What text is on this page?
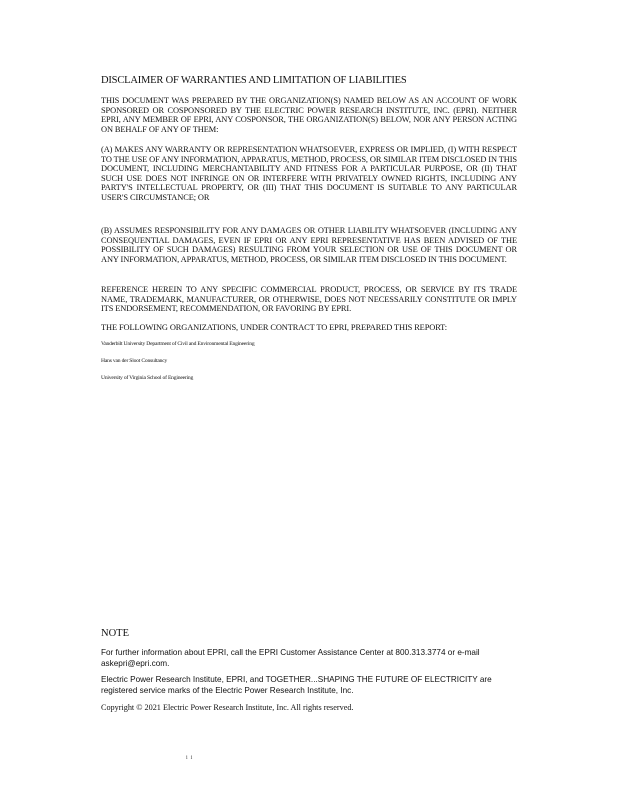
DISCLAIMER OF WARRANTIES AND LIMITATION OF LIABILITIES
THIS DOCUMENT WAS PREPARED BY THE ORGANIZATION(S) NAMED BELOW AS AN ACCOUNT OF WORK SPONSORED OR COSPONSORED BY THE ELECTRIC POWER RESEARCH INSTITUTE, INC. (EPRI). NEITHER EPRI, ANY MEMBER OF EPRI, ANY COSPONSOR, THE ORGANIZATION(S) BELOW, NOR ANY PERSON ACTING ON BEHALF OF ANY OF THEM:
(A) MAKES ANY WARRANTY OR REPRESENTATION WHATSOEVER, EXPRESS OR IMPLIED, (I) WITH RESPECT TO THE USE OF ANY INFORMATION, APPARATUS, METHOD, PROCESS, OR SIMILAR ITEM DISCLOSED IN THIS DOCUMENT, INCLUDING MERCHANTABILITY AND FITNESS FOR A PARTICULAR PURPOSE, OR (II) THAT SUCH USE DOES NOT INFRINGE ON OR INTERFERE WITH PRIVATELY OWNED RIGHTS, INCLUDING ANY PARTY'S INTELLECTUAL PROPERTY, OR (III) THAT THIS DOCUMENT IS SUITABLE TO ANY PARTICULAR USER'S CIRCUMSTANCE; OR
(B) ASSUMES RESPONSIBILITY FOR ANY DAMAGES OR OTHER LIABILITY WHATSOEVER (INCLUDING ANY CONSEQUENTIAL DAMAGES, EVEN IF EPRI OR ANY EPRI REPRESENTATIVE HAS BEEN ADVISED OF THE POSSIBILITY OF SUCH DAMAGES) RESULTING FROM YOUR SELECTION OR USE OF THIS DOCUMENT OR ANY INFORMATION, APPARATUS, METHOD, PROCESS, OR SIMILAR ITEM DISCLOSED IN THIS DOCUMENT.
REFERENCE HEREIN TO ANY SPECIFIC COMMERCIAL PRODUCT, PROCESS, OR SERVICE BY ITS TRADE NAME, TRADEMARK, MANUFACTURER, OR OTHERWISE, DOES NOT NECESSARILY CONSTITUTE OR IMPLY ITS ENDORSEMENT, RECOMMENDATION, OR FAVORING BY EPRI.
THE FOLLOWING ORGANIZATIONS, UNDER CONTRACT TO EPRI, PREPARED THIS REPORT:
Vanderbilt University Department of Civil and Environmental Engineering
Hans van der Sloot Consultancy
University of Virginia School of Engineering
NOTE
For further information about EPRI, call the EPRI Customer Assistance Center at 800.313.3774 or e-mail askepri@epri.com.
Electric Power Research Institute, EPRI, and TOGETHER...SHAPING THE FUTURE OF ELECTRICITY are registered service marks of the Electric Power Research Institute, Inc.
Copyright © 2021 Electric Power Research Institute, Inc. All rights reserved.
ii
